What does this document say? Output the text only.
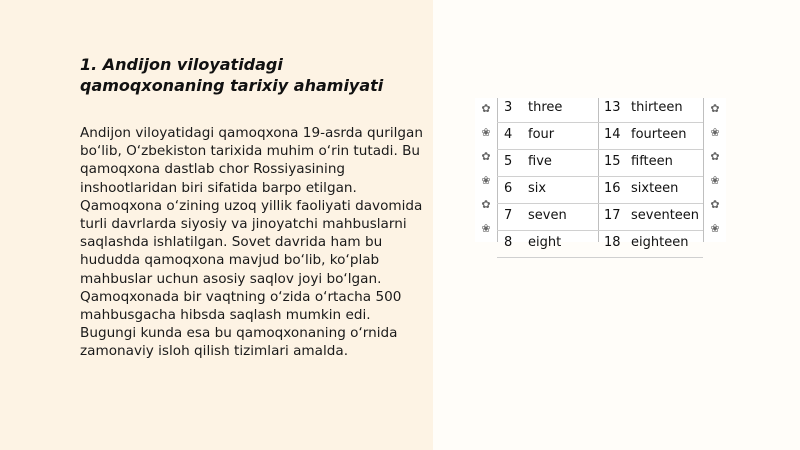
1. Andijon viloyatidagi qamoqxonaning tarixiy ahamiyati

Andijon viloyatidagi qamoqxona 19-asrda qurilgan bo‘lib, O‘zbekiston tarixida muhim o‘rin tutadi. Bu qamoqxona dastlab chor Rossiyasining inshootlaridan biri sifatida barpo etilgan. Qamoqxona o‘zining uzoq yillik faoliyati davomida turli davrlarda siyosiy va jinoyatchi mahbuslarni saqlashda ishlatilgan. Sovet davrida ham bu hududda qamoqxona mavjud bo‘lib, ko‘plab mahbuslar uchun asosiy saqlov joyi bo‘lgan. Qamoqxonada bir vaqtning o‘zida o‘rtacha 500 mahbusgacha hibsda saqlash mumkin edi. Bugungi kunda esa bu qamoqxonaning o‘rnida zamonaviy isloh qilish tizimlari amalda.

✿
❀
✿
❀
✿
❀
✿
❀
✿
❀
✿
❀
3 three	13 thirteen
4 four	14 fourteen
5 five	15 fifteen
6 six	16 sixteen
7 seven	17 seventeen
8 eight	18 eighteen
